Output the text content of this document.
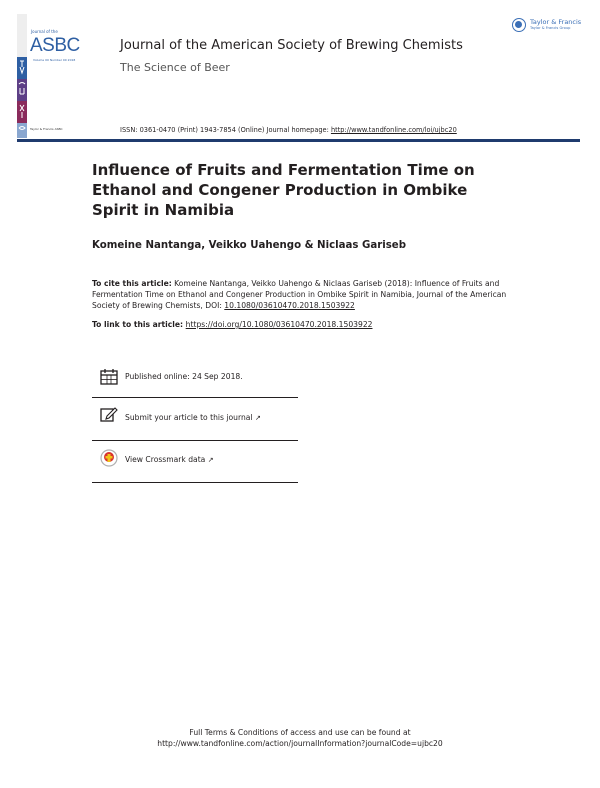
Journal of the
ASBC
Volume 00 Number 00 2018
Taylor & Francis ASBC
Journal of the American Society of Brewing Chemists
The Science of Beer
ISSN: 0361-0470 (Print) 1943-7854 (Online) Journal homepage: http://www.tandfonline.com/loi/ujbc20
Taylor & Francis
Taylor & Francis Group
Influence of Fruits and Fermentation Time on Ethanol and Congener Production in Ombike Spirit in Namibia
Komeine Nantanga, Veikko Uahengo & Niclaas Gariseb
To cite this article: Komeine Nantanga, Veikko Uahengo & Niclaas Gariseb (2018): Influence of Fruits and Fermentation Time on Ethanol and Congener Production in Ombike Spirit in Namibia, Journal of the American Society of Brewing Chemists, DOI: 10.1080/03610470.2018.1503922
To link to this article: https://doi.org/10.1080/03610470.2018.1503922
Published online: 24 Sep 2018.
Submit your article to this journal ↗
View Crossmark data ↗
Full Terms & Conditions of access and use can be found at
http://www.tandfonline.com/action/journalInformation?journalCode=ujbc20
